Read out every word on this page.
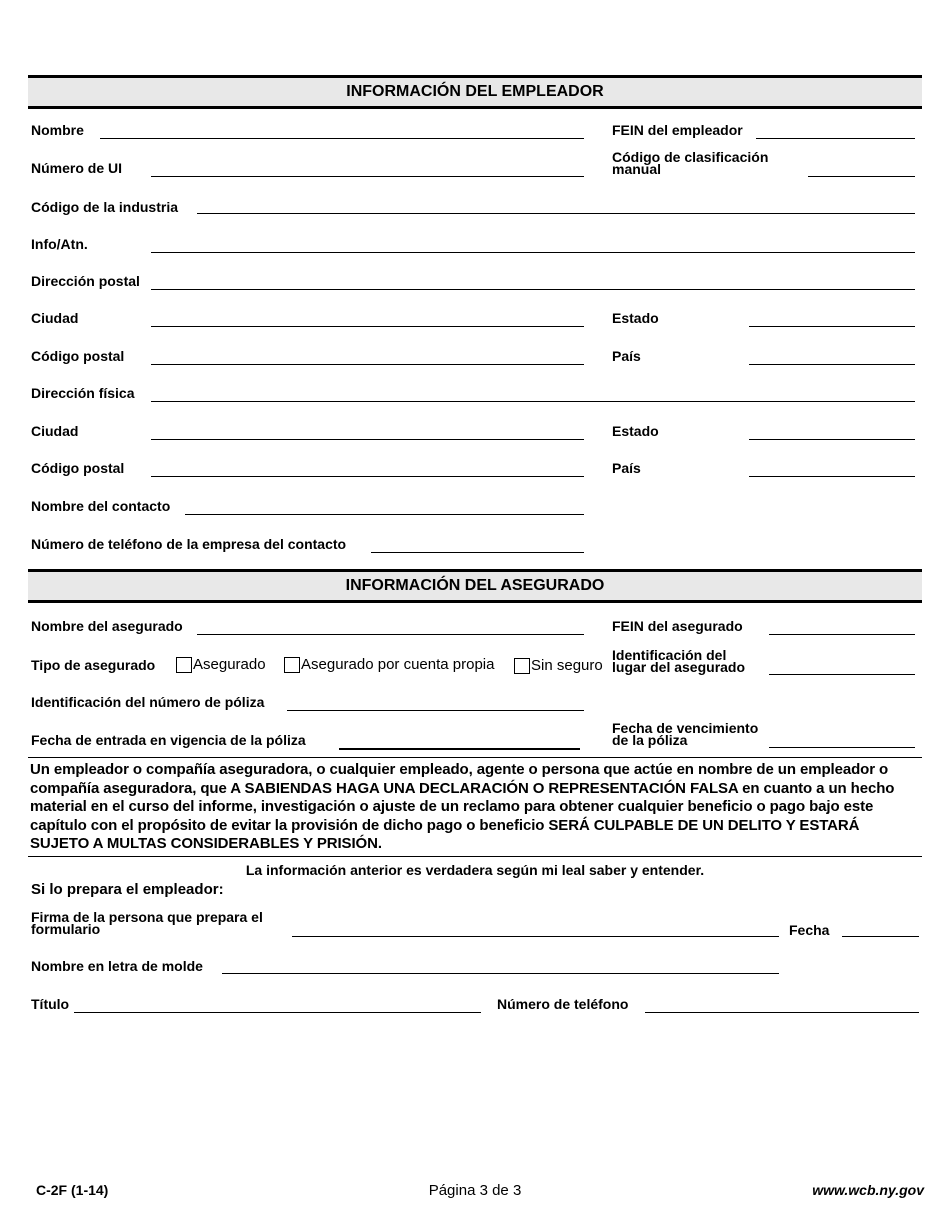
INFORMACIÓN DEL EMPLEADOR
Nombre	FEIN del empleador
Número de UI
Código de clasificación
manual
Código de la industria
Info/Atn.
Dirección postal
Ciudad	Estado
Código postal	País
Dirección física
Ciudad	Estado
Código postal	País
Nombre del contacto
Número de teléfono de la empresa del contacto
INFORMACIÓN DEL ASEGURADO
Nombre del asegurado	FEIN del asegurado
Tipo de asegurado	Asegurado Asegurado por cuenta propia Sin seguro
Identificación del
lugar del asegurado
Identificación del número de póliza
Fecha de entrada en vigencia de la póliza
Fecha de vencimiento
de la póliza
Un empleador o compañía aseguradora, o cualquier empleado, agente o persona que actúe en nombre de un empleador o compañía aseguradora, que A SABIENDAS HAGA UNA DECLARACIÓN O REPRESENTACIÓN FALSA en cuanto a un hecho material en el curso del informe, investigación o ajuste de un reclamo para obtener cualquier beneficio o pago bajo este capítulo con el propósito de evitar la provisión de dicho pago o beneficio SERÁ CULPABLE DE UN DELITO Y ESTARÁ SUJETO A MULTAS CONSIDERABLES Y PRISIÓN.
La información anterior es verdadera según mi leal saber y entender.
Si lo prepara el empleador:
Firma de la persona que prepara el
formulario	Fecha
Nombre en letra de molde
Título	Número de teléfono
C-2F (1-14)	Página 3 de 3	www.wcb.ny.gov
